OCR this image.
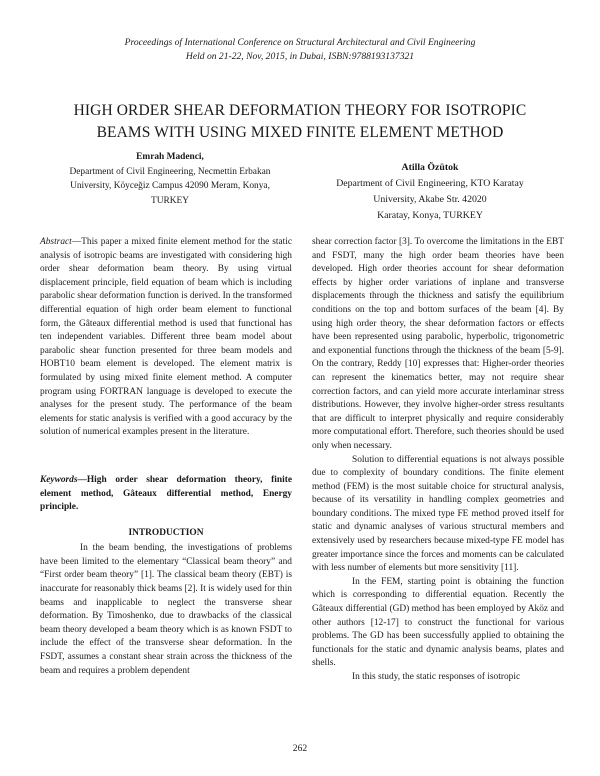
Proceedings of International Conference on Structural Architectural and Civil Engineering
Held on 21-22, Nov, 2015, in Dubai, ISBN:9788193137321
HIGH ORDER SHEAR DEFORMATION THEORY FOR ISOTROPIC
BEAMS WITH USING MIXED FINITE ELEMENT METHOD
Emrah Madenci,
Department of Civil Engineering, Necmettin Erbakan
University, Köyceğiz Campus 42090 Meram, Konya,
TURKEY
Atilla Özütok
Department of Civil Engineering, KTO Karatay
University, Akabe Str. 42020
Karatay, Konya, TURKEY

Abstract—This paper a mixed finite element method for the static analysis of isotropic beams are investigated with considering high order shear deformation beam theory. By using virtual displacement principle, field equation of beam which is including parabolic shear deformation function is derived. In the transformed differential equation of high order beam element to functional form, the Gâteaux differential method is used that functional has ten independent variables. Different three beam model about parabolic shear function presented for three beam models and HOBT10 beam element is developed. The element matrix is formulated by using mixed finite element method. A computer program using FORTRAN language is developed to execute the analyses for the present study. The performance of the beam elements for static analysis is verified with a good accuracy by the solution of numerical examples present in the literature.

Keywords—High order shear deformation theory, finite element method, Gâteaux differential method, Energy principle.

INTRODUCTION

In the beam bending, the investigations of problems have been limited to the elementary “Classical beam theory” and “First order beam theory” [1]. The classical beam theory (EBT) is inaccurate for reasonably thick beams [2]. It is widely used for thin beams and inapplicable to neglect the transverse shear deformation. By Timoshenko, due to drawbacks of the classical beam theory developed a beam theory which is as known FSDT to include the effect of the transverse shear deformation. In the FSDT, assumes a constant shear strain across the thickness of the beam and requires a problem dependent

shear correction factor [3]. To overcome the limitations in the EBT and FSDT, many the high order beam theories have been developed. High order theories account for shear deformation effects by higher order variations of inplane and transverse displacements through the thickness and satisfy the equilibrium conditions on the top and bottom surfaces of the beam [4]. By using high order theory, the shear deformation factors or effects have been represented using parabolic, hyperbolic, trigonometric and exponential functions through the thickness of the beam [5-9]. On the contrary, Reddy [10] expresses that: Higher-order theories can represent the kinematics better, may not require shear correction factors, and can yield more accurate interlaminar stress distributions. However, they involve higher-order stress resultants that are difficult to interpret physically and require considerably more computational effort. Therefore, such theories should be used only when necessary.

Solution to differential equations is not always possible due to complexity of boundary conditions. The finite element method (FEM) is the most suitable choice for structural analysis, because of its versatility in handling complex geometries and boundary conditions. The mixed type FE method proved itself for static and dynamic analyses of various structural members and extensively used by researchers because mixed-type FE model has greater importance since the forces and moments can be calculated with less number of elements but more sensitivity [11].

In the FEM, starting point is obtaining the function which is corresponding to differential equation. Recently the Gâteaux differential (GD) method has been employed by Aköz and other authors [12-17] to construct the functional for various problems. The GD has been successfully applied to obtaining the functionals for the static and dynamic analysis beams, plates and shells.

In this study, the static responses of isotropic

262
